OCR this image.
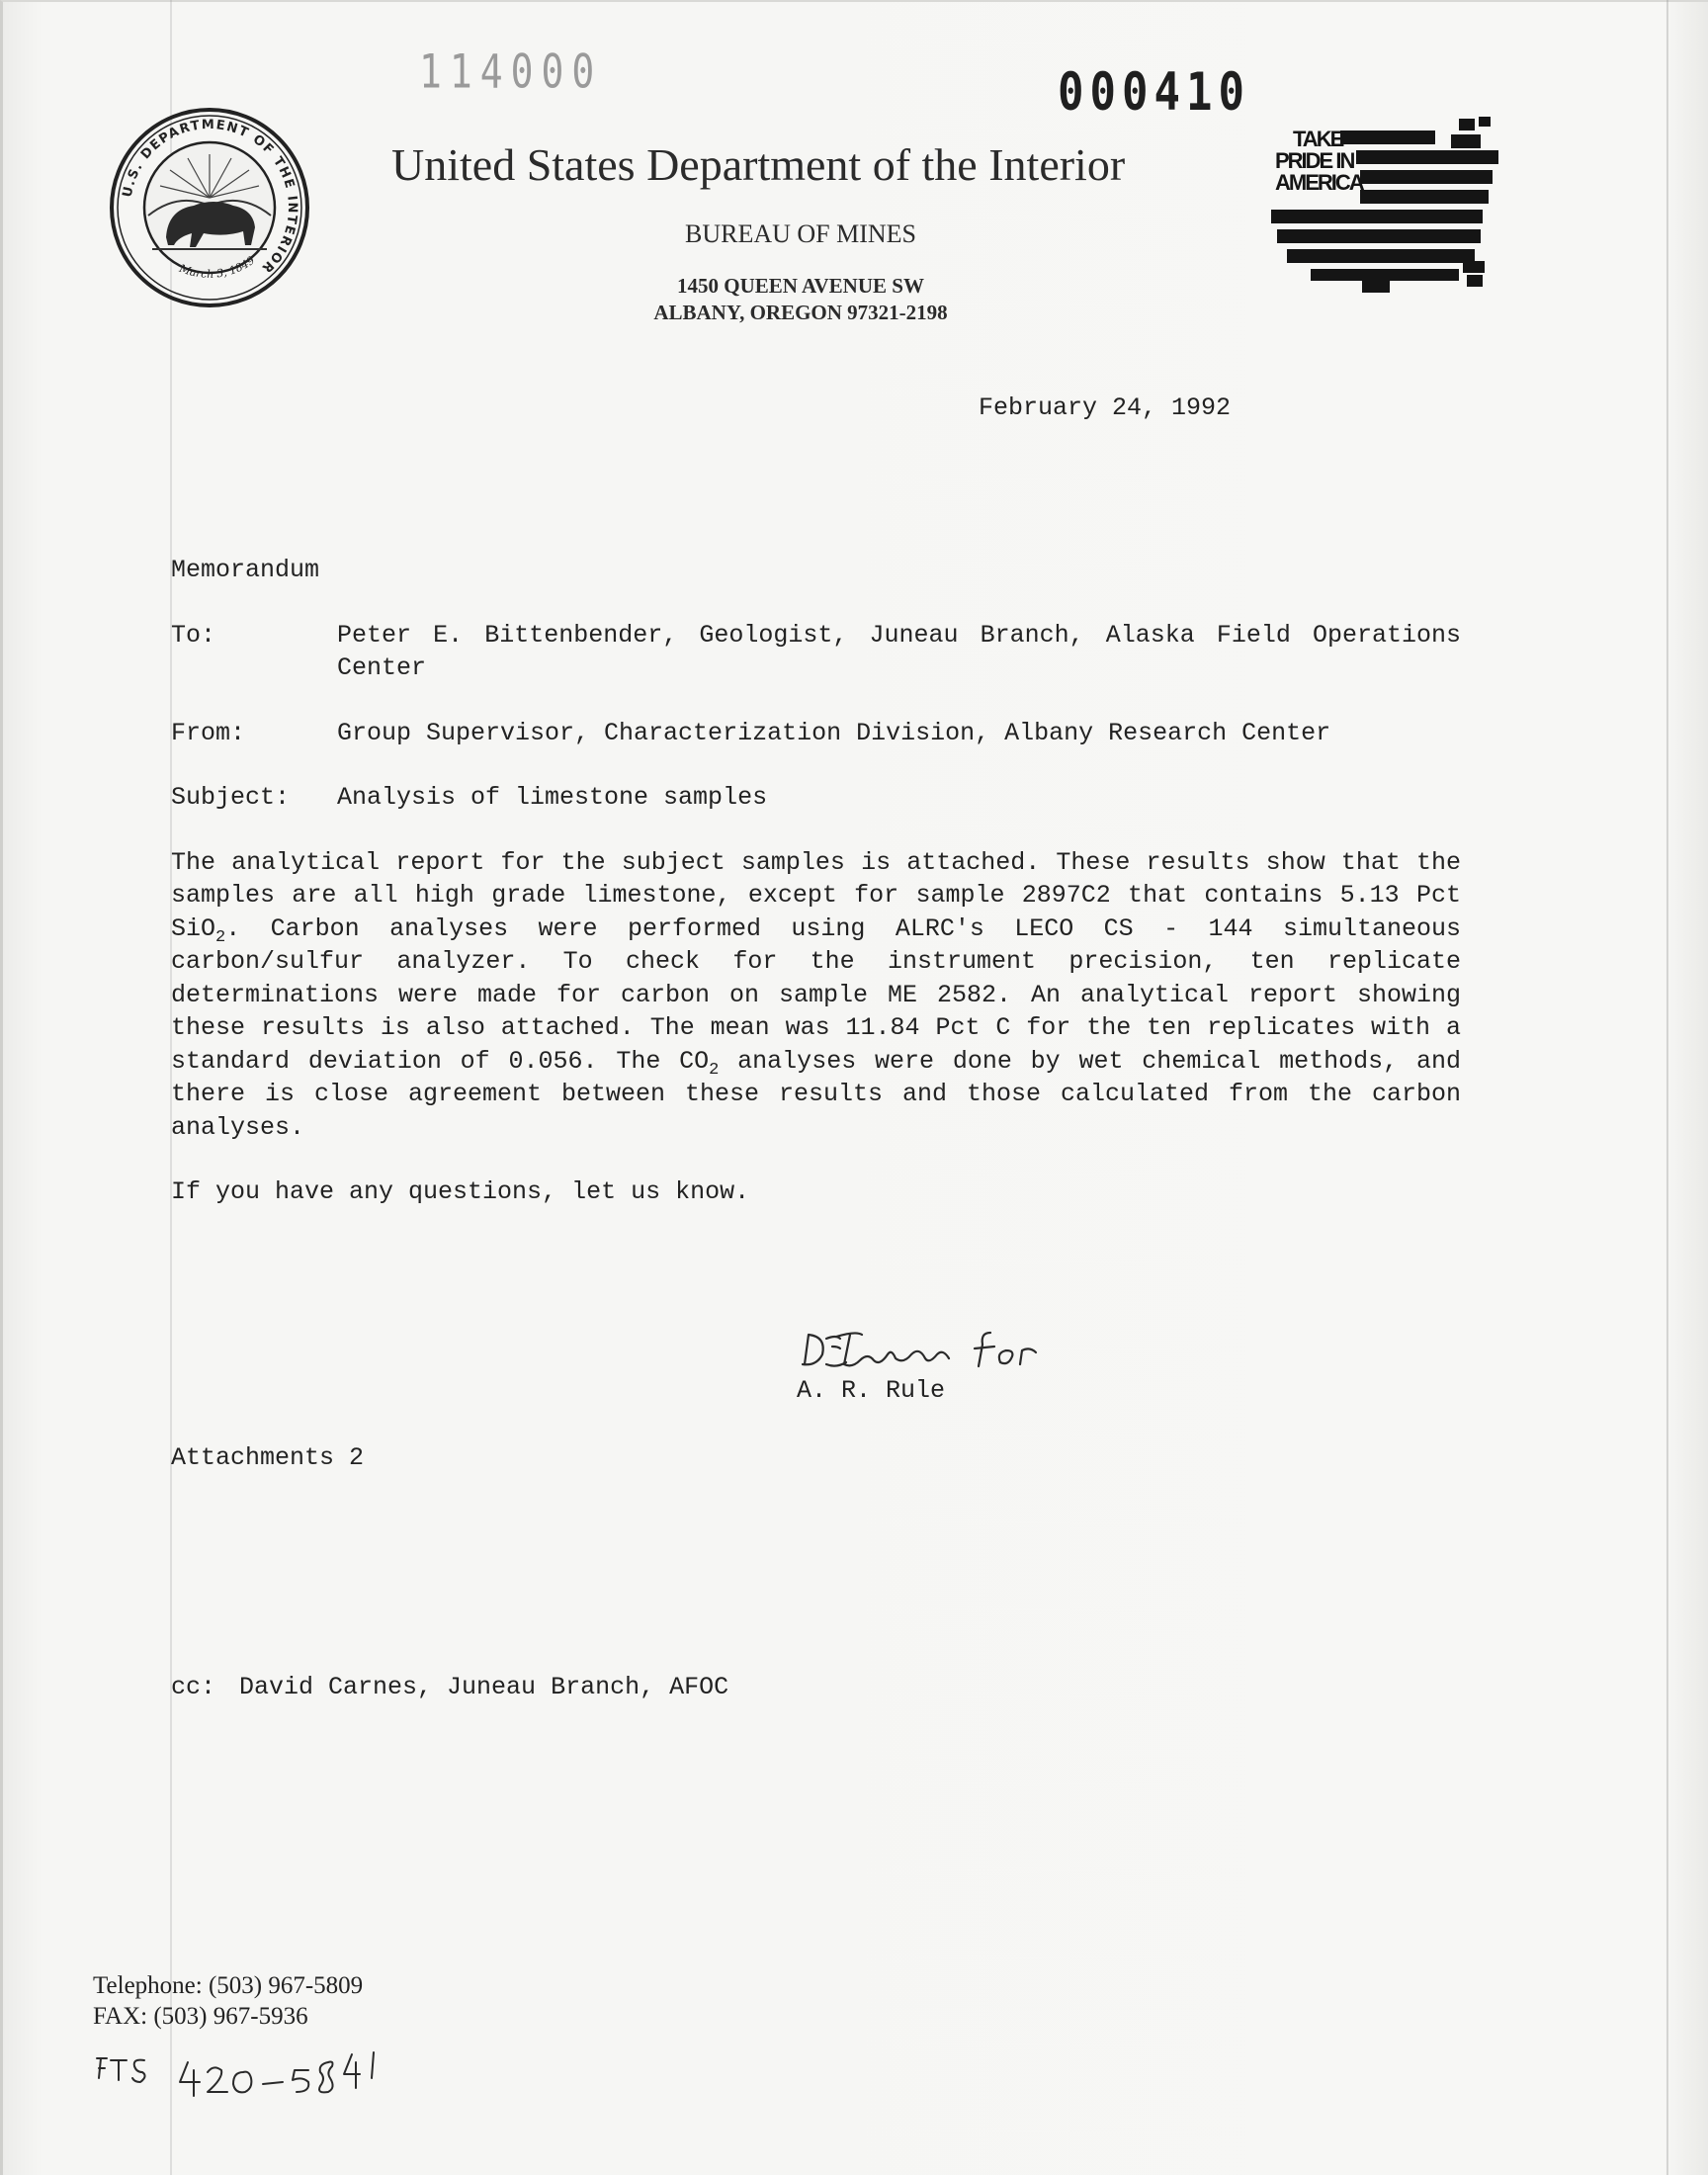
114000	000410
U.S. DEPARTMENT OF THE INTERIOR
March 3, 1849
United States Department of the Interior
BUREAU OF MINES
1450 QUEEN AVENUE SW
ALBANY, OREGON 97321-2198
TAKE
PRIDE IN
AMERICA
February 24, 1992
Memorandum
To:	Peter E. Bittenbender, Geologist, Juneau Branch, Alaska Field Operations Center
From:	Group Supervisor, Characterization Division, Albany Research Center
Subject:	Analysis of limestone samples
The analytical report for the subject samples is attached. These results show that the samples are all high grade limestone, except for sample 2897C2 that contains 5.13 Pct SiO$_2$. Carbon analyses were performed using ALRC's LECO CS - 144 simultaneous carbon/sulfur analyzer. To check for the instrument precision, ten replicate determinations were made for carbon on sample ME 2582. An analytical report showing these results is also attached. The mean was 11.84 Pct C for the ten replicates with a standard deviation of 0.056. The $CO_2$ analyses were done by wet chemical methods, and there is close agreement between these results and those calculated from the carbon analyses.
If you have any questions, let us know.
A. R. Rule
Attachments 2
cc: David Carnes, Juneau Branch, AFOC
Telephone: (503) 967-5809
FAX: (503) 967-5936
